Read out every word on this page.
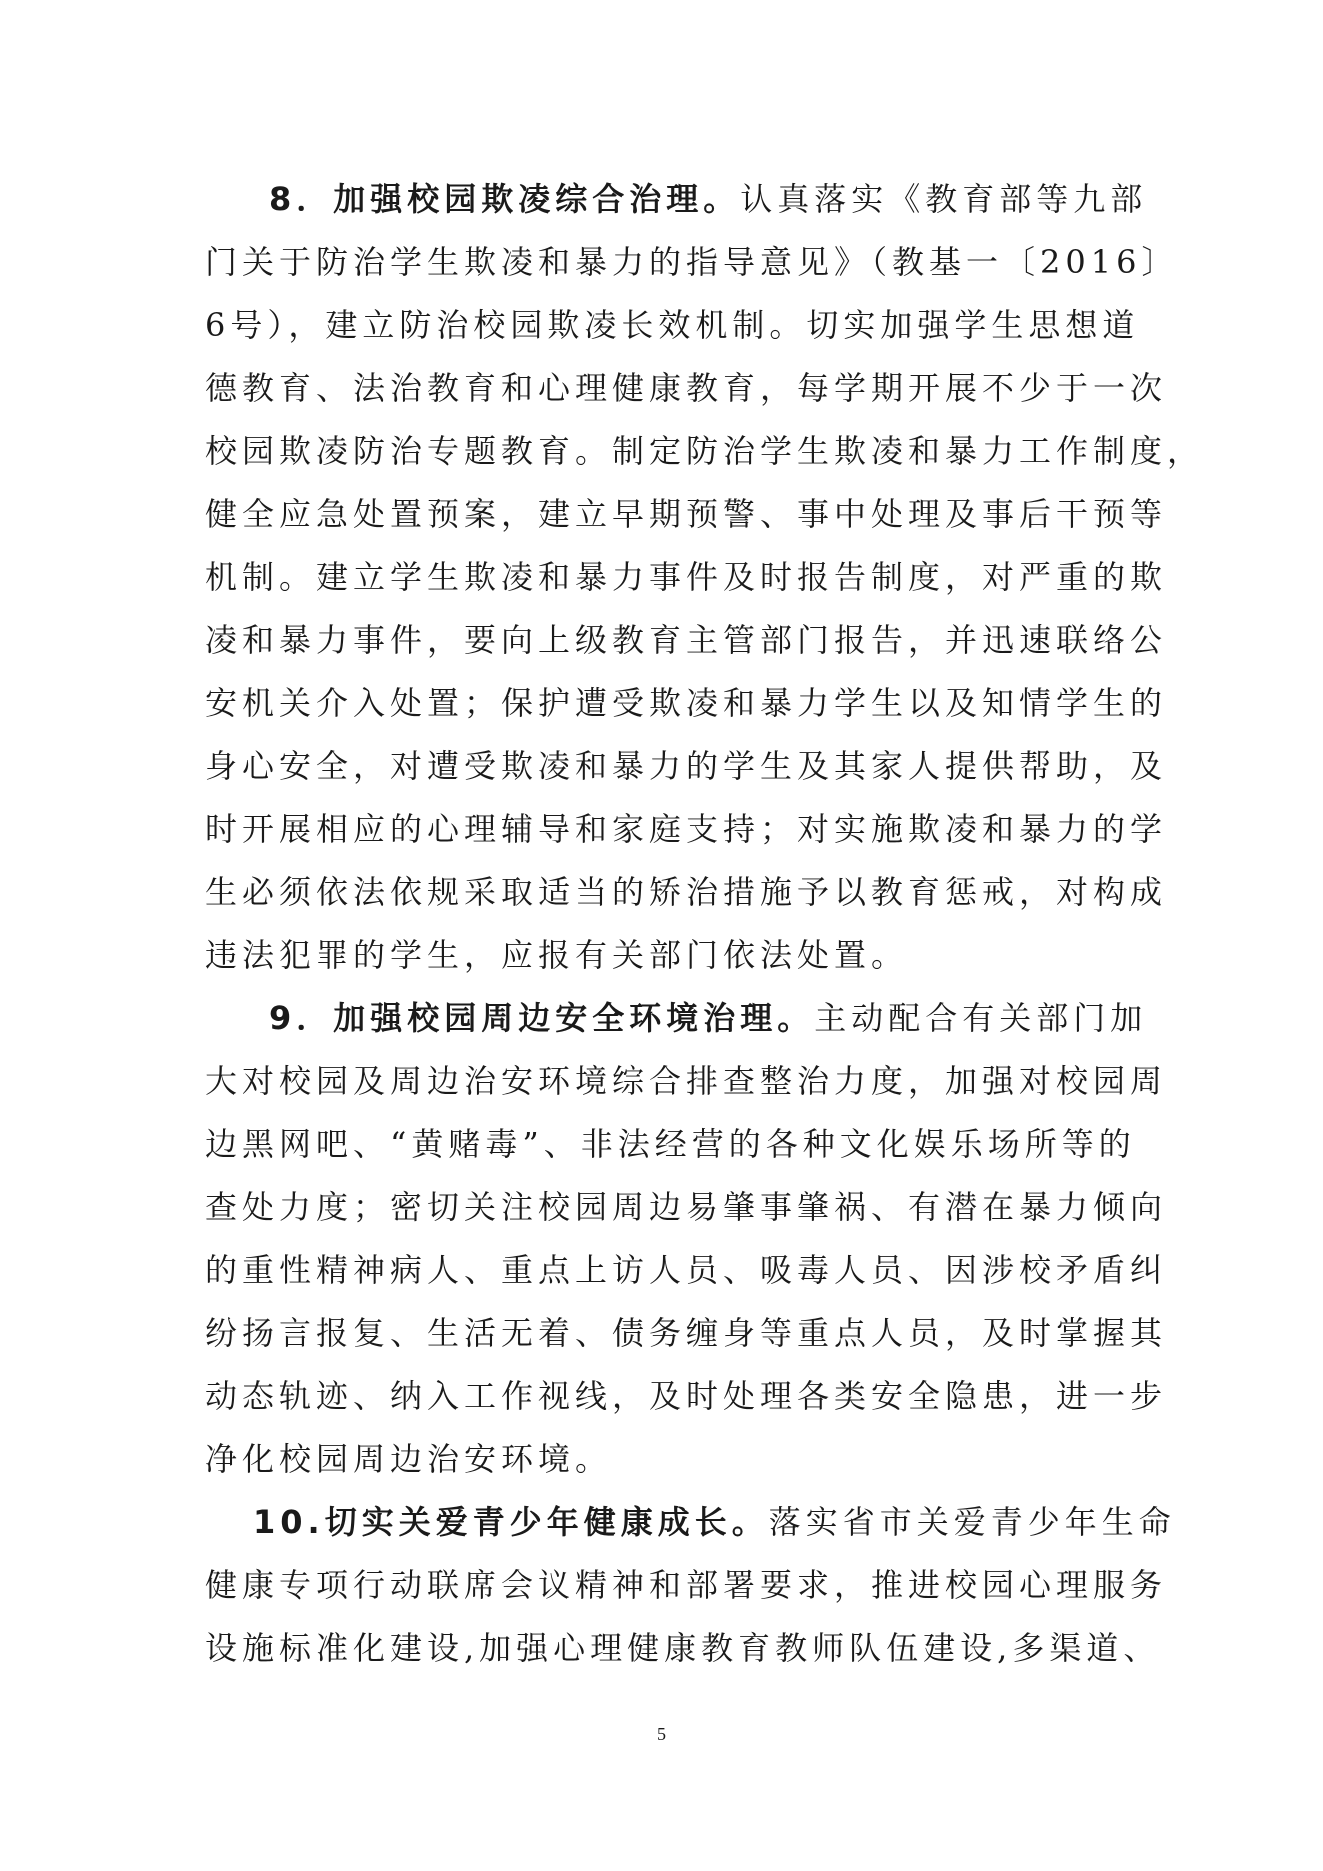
8．加强校园欺凌综合治理。认真落实《教育部等九部
门关于防治学生欺凌和暴力的指导意见》（教基一〔2016〕
6号），建立防治校园欺凌长效机制。切实加强学生思想道
德教育、法治教育和心理健康教育，每学期开展不少于一次
校园欺凌防治专题教育。制定防治学生欺凌和暴力工作制度，
健全应急处置预案，建立早期预警、事中处理及事后干预等
机制。建立学生欺凌和暴力事件及时报告制度，对严重的欺
凌和暴力事件，要向上级教育主管部门报告，并迅速联络公
安机关介入处置；保护遭受欺凌和暴力学生以及知情学生的
身心安全，对遭受欺凌和暴力的学生及其家人提供帮助，及
时开展相应的心理辅导和家庭支持；对实施欺凌和暴力的学
生必须依法依规采取适当的矫治措施予以教育惩戒，对构成
违法犯罪的学生，应报有关部门依法处置。
9．加强校园周边安全环境治理。主动配合有关部门加
大对校园及周边治安环境综合排查整治力度，加强对校园周
边黑网吧、“黄赌毒”、非法经营的各种文化娱乐场所等的
查处力度；密切关注校园周边易肇事肇祸、有潜在暴力倾向
的重性精神病人、重点上访人员、吸毒人员、因涉校矛盾纠
纷扬言报复、生活无着、债务缠身等重点人员，及时掌握其
动态轨迹、纳入工作视线，及时处理各类安全隐患，进一步
净化校园周边治安环境。
10.切实关爱青少年健康成长。落实省市关爱青少年生命
健康专项行动联席会议精神和部署要求，推进校园心理服务
设施标准化建设,加强心理健康教育教师队伍建设,多渠道、
5
